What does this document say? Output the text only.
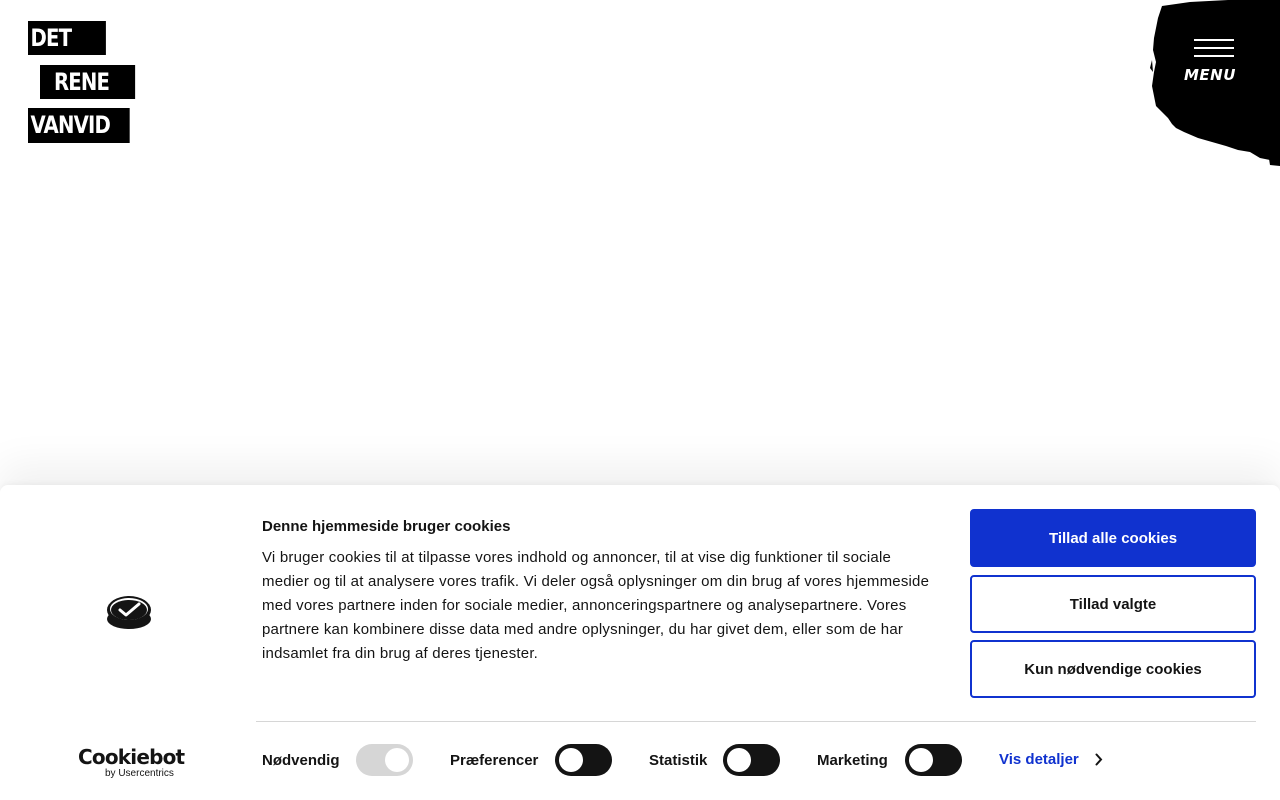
DET
RENE
VANVID
MENU
Cookiebot
by Usercentrics
Denne hjemmeside bruger cookies
Vi bruger cookies til at tilpasse vores indhold og annoncer, til at vise dig funktioner til sociale medier og til at analysere vores trafik. Vi deler også oplysninger om din brug af vores hjemmeside med vores partnere inden for sociale medier, annonceringspartnere og analysepartnere. Vores partnere kan kombinere disse data med andre oplysninger, du har givet dem, eller som de har indsamlet fra din brug af deres tjenester.
Tillad alle cookies
Tillad valgte
Kun nødvendige cookies
Nødvendig	Præferencer	Statistik	Marketing	Vis detaljer
